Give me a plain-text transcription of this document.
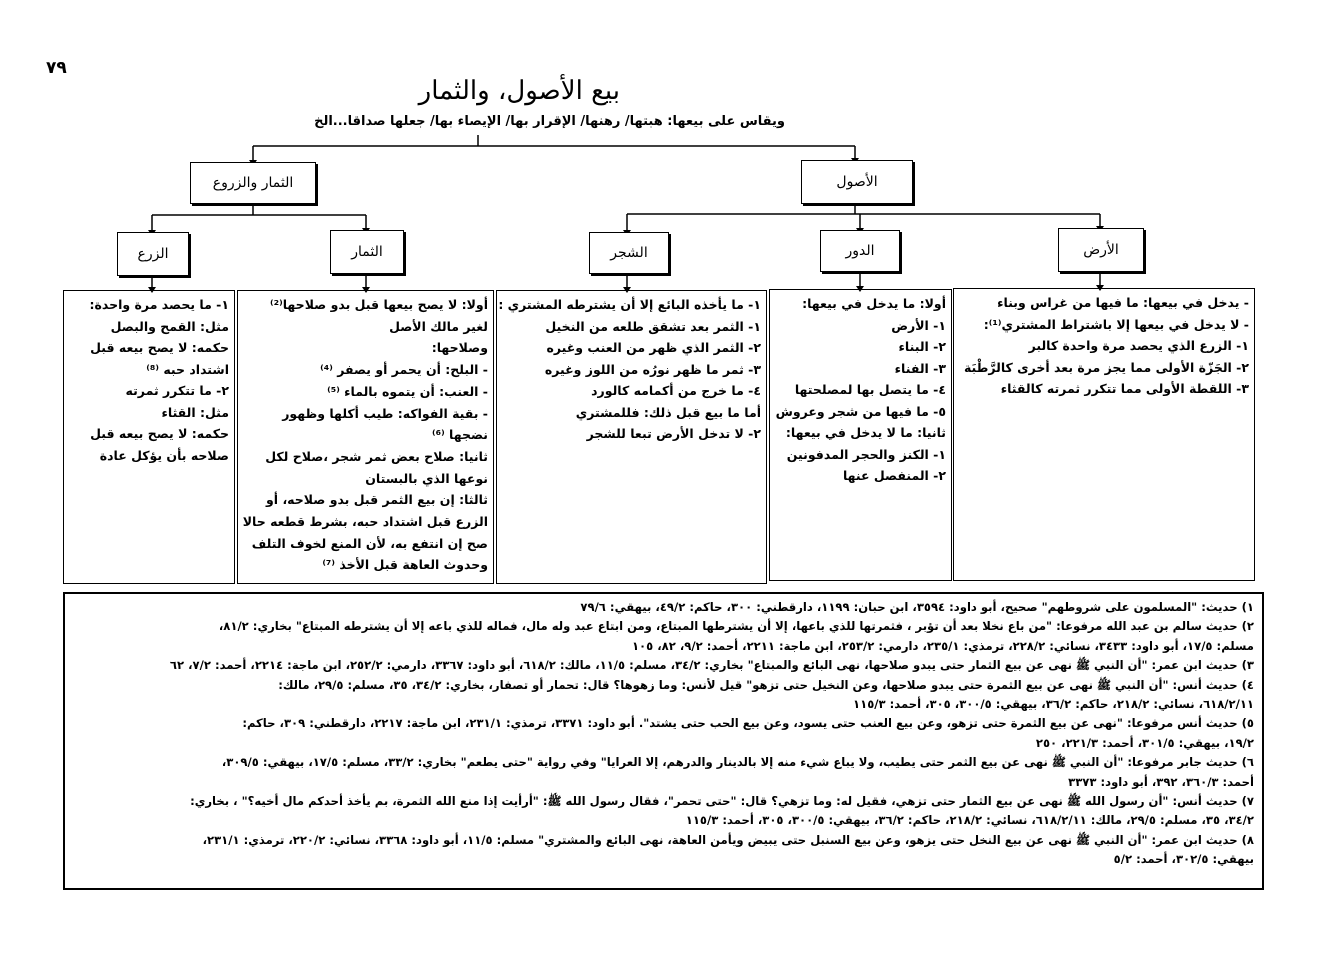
٧٩
بيع الأصول، والثمار
ويقاس على بيعها: هبتها/ رهنها/ الإقرار بها/ الإيصاء بها/ جعلها صداقا...الخ
الثمار والزروع	الأصول
الأرض
الدور
الشجر
الثمار
الزرع
- يدخل في بيعها: ما فيها من غراس وبناء
- لا يدخل في بيعها إلا باشتراط المشتري⁽¹⁾:
١- الزرع الذي يحصد مرة واحدة كالبر
٢- الجَزّة الأولى مما يجز مرة بعد أخرى كالرَّطْبَة
٣- اللقطة الأولى مما تتكرر ثمرته كالقثاء
أولا: ما يدخل في بيعها:
١- الأرض
٢- البناء
٣- الفناء
٤- ما يتصل بها لمصلحتها
٥- ما فيها من شجر وعروش
ثانيا: ما لا يدخل في بيعها:
١- الكنز والحجر المدفونين
٢- المنفصل عنها
١- ما يأخذه البائع إلا أن يشترطه المشتري :
١- الثمر بعد تشقق طلعه من النخيل
٢- الثمر الذي ظهر من العنب وغيره
٣- ثمر ما ظهر نورُه من اللوز وغيره
٤- ما خرج من أكمامه كالورد
أما ما بيع قبل ذلك: فللمشتري
٢- لا تدخل الأرض تبعا للشجر
أولا: لا يصح بيعها قبل بدو صلاحها⁽²⁾
لغير مالك الأصل
وصلاحها:
- البلح: أن يحمر أو يصفر ⁽⁴⁾
- العنب: أن يتموه بالماء ⁽⁵⁾
- بقية الفواكه: طيب أكلها وظهور
نضجها ⁽⁶⁾
ثانيا: صلاح بعض ثمر شجر ،صلاح لكل
نوعها الذي بالبستان
ثالثا: إن بيع الثمر قبل بدو صلاحه، أو
الزرع قبل اشتداد حبه، بشرط قطعه حالا
صح إن انتفع به، لأن المنع لخوف التلف
وحدوث العاهة قبل الأخذ ⁽⁷⁾
١- ما يحصد مرة واحدة:
مثل: القمح والبصل
حكمه: لا يصح بيعه قبل
اشتداد حبه ⁽⁸⁾
٢- ما تتكرر ثمرته
مثل: القثاء
حكمه: لا يصح بيعه قبل
صلاحه بأن يؤكل عادة
١) حديث: "المسلمون على شروطهم" صحيح، أبو داود: ٣٥٩٤، ابن حبان: ١١٩٩، دارقطني: ٣٠٠، حاكم: ٤٩/٢، بيهقي: ٧٩/٦
٢) حديث سالم بن عبد الله مرفوعا: "من باع نخلا بعد أن تؤبر ، فثمرتها للذي باعها، إلا أن يشترطها المبتاع، ومن ابتاع عبد وله مال، فماله للذي باعه إلا أن يشترطه المبتاع" بخاري: ٨١/٢،
مسلم: ١٧/٥، أبو داود: ٣٤٣٣، نسائي: ٢٢٨/٢، ترمذي: ٢٣٥/١، دارمي: ٢٥٣/٢، ابن ماجة: ٢٢١١، أحمد: ٩/٢، ٨٢، ١٠٥
٣) حديث ابن عمر: "أن النبي ﷺ نهى عن بيع الثمار حتى يبدو صلاحها، نهى البائع والمبتاع" بخاري: ٣٤/٢، مسلم: ١١/٥، مالك: ٦١٨/٢، أبو داود: ٣٣٦٧، دارمي: ٢٥٢/٢، ابن ماجة: ٢٢١٤، أحمد: ٧/٢، ٦٢
٤) حديث أنس: "أن النبي ﷺ نهى عن بيع الثمرة حتى يبدو صلاحها، وعن النخيل حتى تزهو" قيل لأنس: وما زهوها؟ قال: تحمار أو تصفار، بخاري: ٣٤/٢، ٣٥، مسلم: ٢٩/٥، مالك:
٦١٨/٢/١١، نسائي: ٢١٨/٢، حاكم: ٣٦/٢، بيهقي: ٣٠٠/٥، ٣٠٥، أحمد: ١١٥/٣
٥) حديث أنس مرفوعا: "نهى عن بيع الثمرة حتى تزهو، وعن بيع العنب حتى يسود، وعن بيع الحب حتى يشتد". أبو داود: ٣٣٧١، ترمذي: ٢٣١/١، ابن ماجة: ٢٢١٧، دارقطني: ٣٠٩، حاكم:
١٩/٢، بيهقي: ٣٠١/٥، أحمد: ٢٢١/٣، ٢٥٠
٦) حديث جابر مرفوعا: "أن النبي ﷺ نهى عن بيع الثمر حتى يطيب، ولا يباع شيء منه إلا بالدينار والدرهم، إلا العرايا" وفي رواية "حتى يطعم" بخاري: ٣٣/٢، مسلم: ١٧/٥، بيهقي: ٣٠٩/٥،
أحمد: ٣٦٠/٣، ٣٩٢، أبو داود: ٣٣٧٣
٧) حديث أنس: "أن رسول الله ﷺ نهى عن بيع الثمار حتى تزهي، فقيل له: وما تزهي؟ قال: "حتى تحمر"، فقال رسول الله ﷺ: "أرأيت إذا منع الله الثمرة، بم يأخذ أحدكم مال أخيه؟" ، بخاري:
٣٤/٢، ٣٥، مسلم: ٢٩/٥، مالك: ٦١٨/٢/١١، نسائي: ٢١٨/٢، حاكم: ٣٦/٢، بيهقي: ٣٠٠/٥، ٣٠٥، أحمد: ١١٥/٣
٨) حديث ابن عمر: "أن النبي ﷺ نهى عن بيع النخل حتى يزهو، وعن بيع السنبل حتى يبيض ويأمن العاهة، نهى البائع والمشتري" مسلم: ١١/٥، أبو داود: ٣٣٦٨، نسائي: ٢٢٠/٢، ترمذي: ٢٣١/١،
بيهقي: ٣٠٢/٥، أحمد: ٥/٢
